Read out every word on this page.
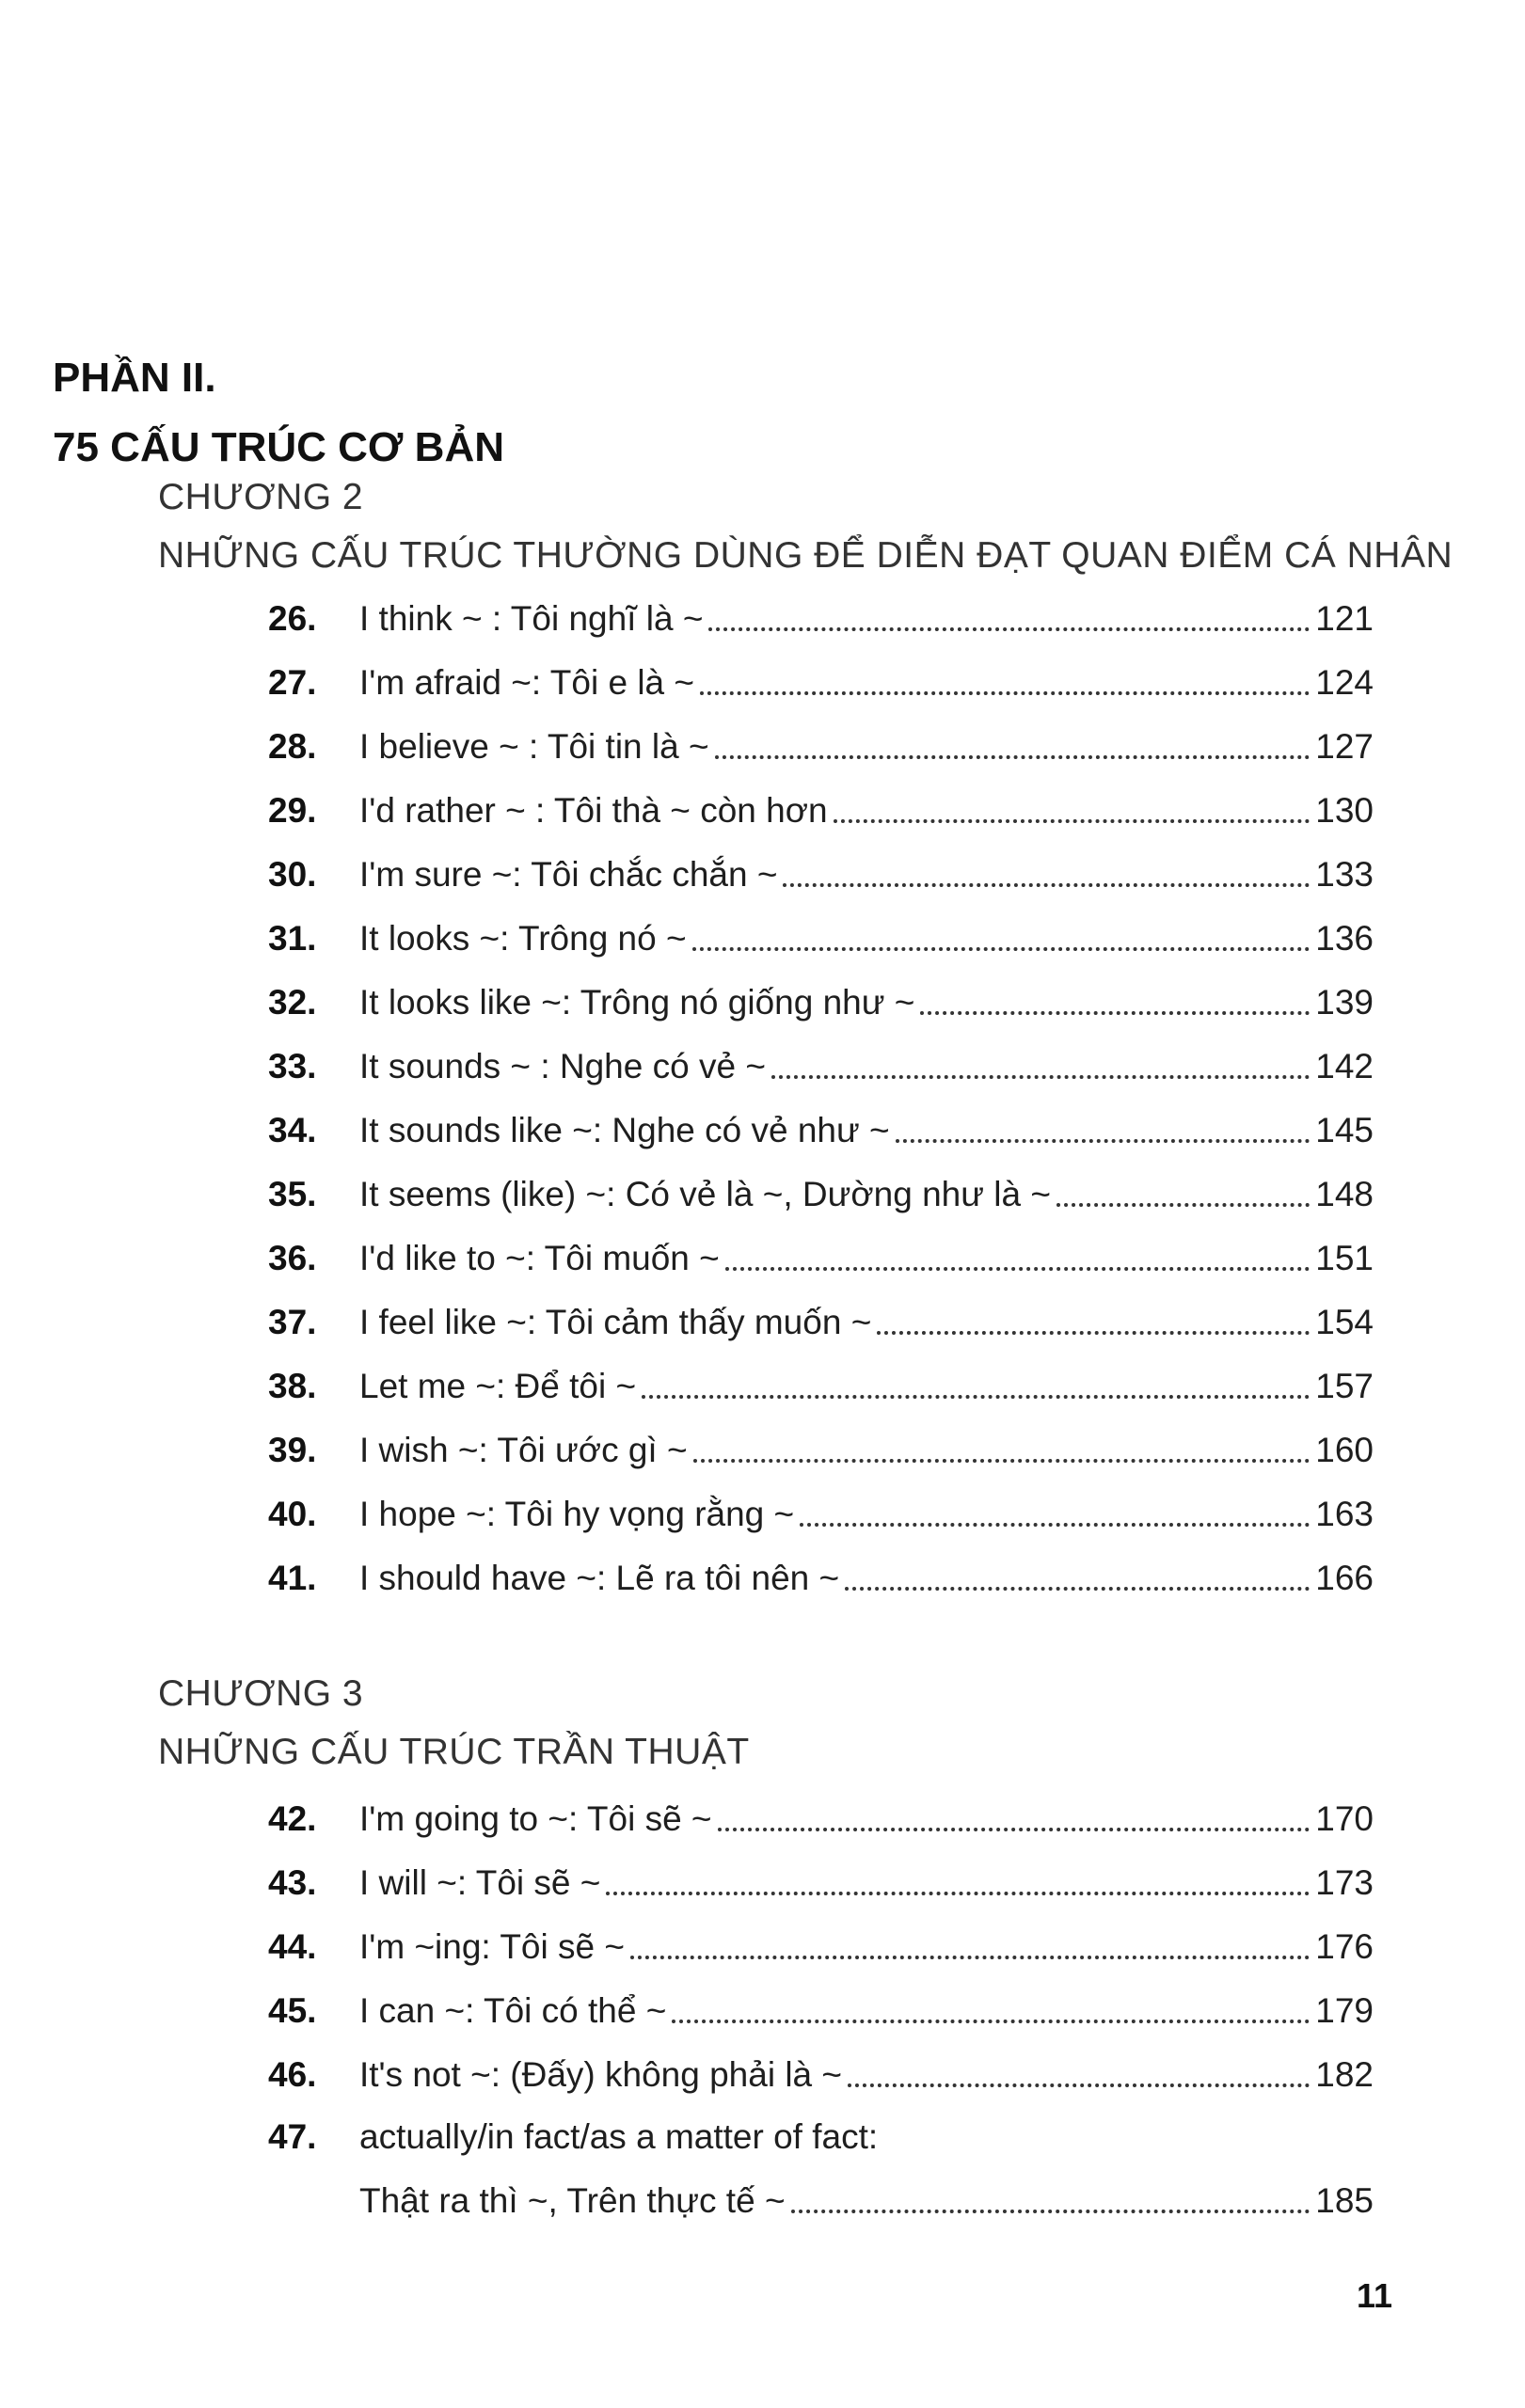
PHẦN II.
75 CẤU TRÚC CƠ BẢN
CHƯƠNG 2
NHỮNG CẤU TRÚC THƯỜNG DÙNG ĐỂ DIỄN ĐẠT QUAN ĐIỂM CÁ NHÂN
26.	I think ~ : Tôi nghĩ là ~	121
27.	I'm afraid ~: Tôi e là ~	124
28.	I believe ~ : Tôi tin là ~	127
29.	I'd rather ~ : Tôi thà ~ còn hơn	130
30.	I'm sure ~: Tôi chắc chắn ~	133
31.	It looks ~: Trông nó ~	136
32.	It looks like ~: Trông nó giống như ~	139
33.	It sounds ~ : Nghe có vẻ ~	142
34.	It sounds like ~: Nghe có vẻ như ~	145
35.	It seems (like) ~: Có vẻ là ~, Dường như là ~	148
36.	I'd like to ~: Tôi muốn ~	151
37.	I feel like ~: Tôi cảm thấy muốn ~	154
38.	Let me ~: Để tôi ~	157
39.	I wish ~: Tôi ước gì ~	160
40.	I hope ~: Tôi hy vọng rằng ~	163
41.	I should have ~: Lẽ ra tôi nên ~	166
CHƯƠNG 3
NHỮNG CẤU TRÚC TRẦN THUẬT
42.	I'm going to ~: Tôi sẽ ~	170
43.	I will ~: Tôi sẽ ~	173
44.	I'm ~ing: Tôi sẽ ~	176
45.	I can ~: Tôi có thể ~	179
46.	It's not ~: (Đấy) không phải là ~	182
47.	actually/in fact/as a matter of fact:
Thật ra thì ~, Trên thực tế ~	185
11
